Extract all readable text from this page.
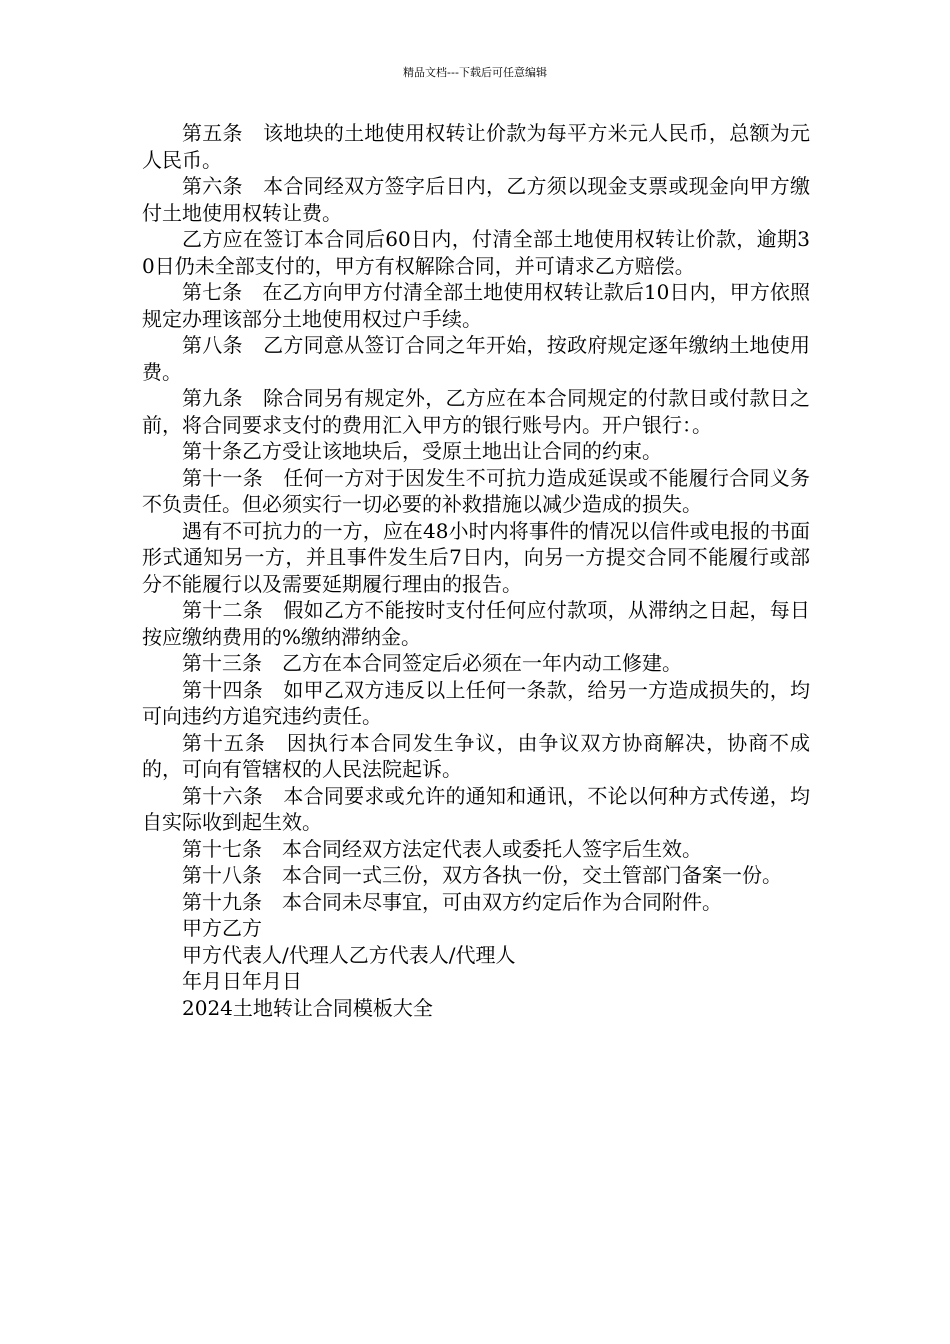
精品文档---下载后可任意编辑

第五条　该地块的土地使用权转让价款为每平方米元人民币，总额为元人民币。

第六条　本合同经双方签字后日内，乙方须以现金支票或现金向甲方缴付土地使用权转让费。

乙方应在签订本合同后60日内，付清全部土地使用权转让价款，逾期30日仍未全部支付的，甲方有权解除合同，并可请求乙方赔偿。

第七条　在乙方向甲方付清全部土地使用权转让款后10日内，甲方依照规定办理该部分土地使用权过户手续。

第八条　乙方同意从签订合同之年开始，按政府规定逐年缴纳土地使用费。

第九条　除合同另有规定外，乙方应在本合同规定的付款日或付款日之前，将合同要求支付的费用汇入甲方的银行账号内。开户银行：。

第十条乙方受让该地块后，受原土地出让合同的约束。

第十一条　任何一方对于因发生不可抗力造成延误或不能履行合同义务不负责任。但必须实行一切必要的补救措施以减少造成的损失。

遇有不可抗力的一方，应在48小时内将事件的情况以信件或电报的书面形式通知另一方，并且事件发生后7日内，向另一方提交合同不能履行或部分不能履行以及需要延期履行理由的报告。

第十二条　假如乙方不能按时支付任何应付款项，从滞纳之日起，每日按应缴纳费用的%缴纳滞纳金。

第十三条　乙方在本合同签定后必须在一年内动工修建。

第十四条　如甲乙双方违反以上任何一条款，给另一方造成损失的，均可向违约方追究违约责任。

第十五条　因执行本合同发生争议，由争议双方协商解决，协商不成的，可向有管辖权的人民法院起诉。

第十六条　本合同要求或允许的通知和通讯，不论以何种方式传递，均自实际收到起生效。

第十七条　本合同经双方法定代表人或委托人签字后生效。

第十八条　本合同一式三份，双方各执一份，交土管部门备案一份。

第十九条　本合同未尽事宜，可由双方约定后作为合同附件。

甲方乙方

甲方代表人/代理人乙方代表人/代理人

年月日年月日

2024土地转让合同模板大全
